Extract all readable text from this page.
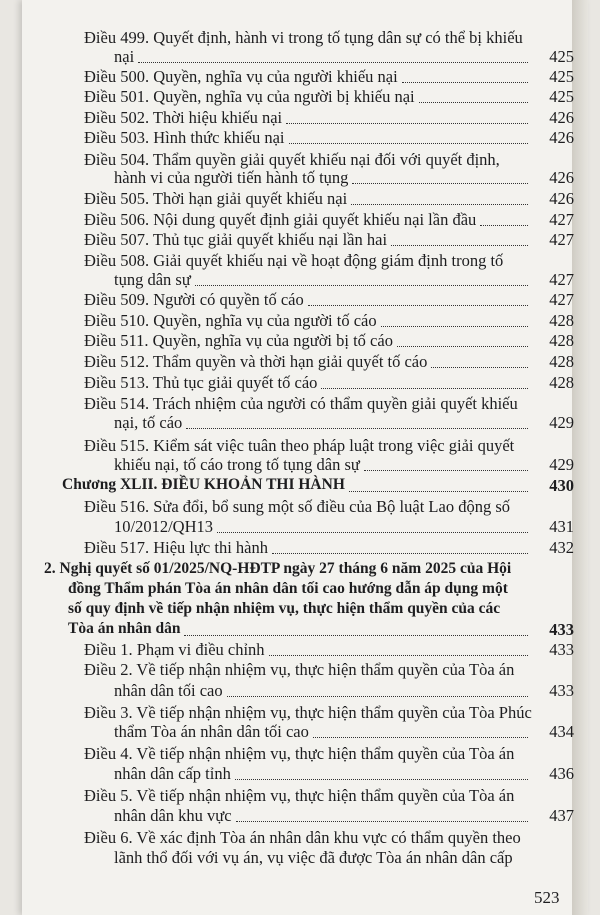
Điều 499. Quyết định, hành vi trong tố tụng dân sự có thể bị khiếu
nại	425
Điều 500. Quyền, nghĩa vụ của người khiếu nại	425
Điều 501. Quyền, nghĩa vụ của người bị khiếu nại	425
Điều 502. Thời hiệu khiếu nại	426
Điều 503. Hình thức khiếu nại	426
Điều 504. Thẩm quyền giải quyết khiếu nại đối với quyết định,
hành vi của người tiến hành tố tụng	426
Điều 505. Thời hạn giải quyết khiếu nại	426
Điều 506. Nội dung quyết định giải quyết khiếu nại lần đầu	427
Điều 507. Thủ tục giải quyết khiếu nại lần hai	427
Điều 508. Giải quyết khiếu nại về hoạt động giám định trong tố
tụng dân sự	427
Điều 509. Người có quyền tố cáo	427
Điều 510. Quyền, nghĩa vụ của người tố cáo	428
Điều 511. Quyền, nghĩa vụ của người bị tố cáo	428
Điều 512. Thẩm quyền và thời hạn giải quyết tố cáo	428
Điều 513. Thủ tục giải quyết tố cáo	428
Điều 514. Trách nhiệm của người có thẩm quyền giải quyết khiếu
nại, tố cáo	429
Điều 515. Kiểm sát việc tuân theo pháp luật trong việc giải quyết
khiếu nại, tố cáo trong tố tụng dân sự	429
Chương XLII. ĐIỀU KHOẢN THI HÀNH	430
Điều 516. Sửa đổi, bổ sung một số điều của Bộ luật Lao động số
10/2012/QH13	431
Điều 517. Hiệu lực thi hành	432
2. Nghị quyết số 01/2025/NQ-HĐTP ngày 27 tháng 6 năm 2025 của Hội
đồng Thẩm phán Tòa án nhân dân tối cao hướng dẫn áp dụng một
số quy định về tiếp nhận nhiệm vụ, thực hiện thẩm quyền của các
Tòa án nhân dân	433
Điều 1. Phạm vi điều chỉnh	433
Điều 2. Về tiếp nhận nhiệm vụ, thực hiện thẩm quyền của Tòa án
nhân dân tối cao	433
Điều 3. Về tiếp nhận nhiệm vụ, thực hiện thẩm quyền của Tòa Phúc
thẩm Tòa án nhân dân tối cao	434
Điều 4. Về tiếp nhận nhiệm vụ, thực hiện thẩm quyền của Tòa án
nhân dân cấp tỉnh	436
Điều 5. Về tiếp nhận nhiệm vụ, thực hiện thẩm quyền của Tòa án
nhân dân khu vực	437
Điều 6. Về xác định Tòa án nhân dân khu vực có thẩm quyền theo
lãnh thổ đối với vụ án, vụ việc đã được Tòa án nhân dân cấp
523
